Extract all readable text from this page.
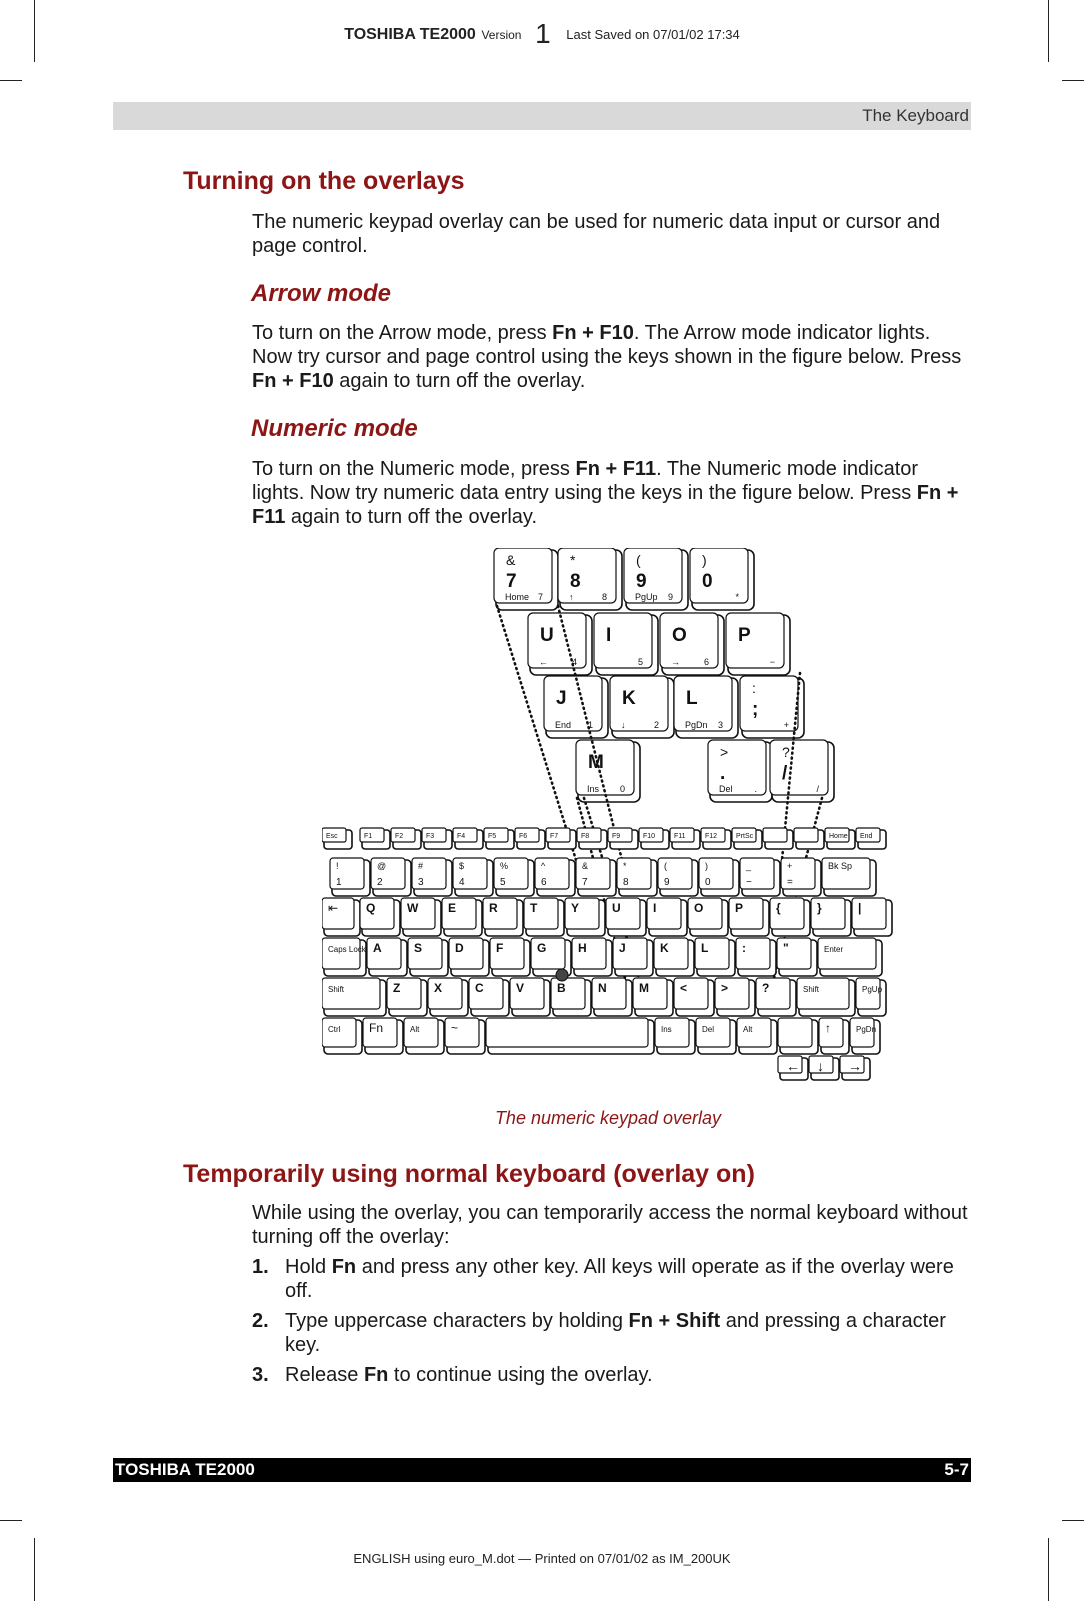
TOSHIBA TE2000 Version 1 Last Saved on 07/01/02 17:34
The Keyboard
Turning on the overlays

The numeric keypad overlay can be used for numeric data input or cursor and page control.

Arrow mode

To turn on the Arrow mode, press Fn + F10. The Arrow mode indicator lights. Now try cursor and page control using the keys shown in the figure below. Press Fn + F10 again to turn off the overlay.

Numeric mode

To turn on the Numeric mode, press Fn + F11. The Numeric mode indicator lights. Now try numeric data entry using the keys in the figure below. Press Fn + F11 again to turn off the overlay.

&
7
Home 7
*
8
↑	8
(
9
PgUp 9
)
0
*
U
←	4
I
5
O
→	6
P
−
J
End 1
K
↓	2
L
PgDn 3
:
;
+
M
Ins 0
>
.
Del .
?
/
/
Esc	F1	F2	F3	F4	F5	F6	F7	F8	F9	F10	F11	F12	PrtSc	Home End
!
1
@
2
#
3
$
4
%
5
^
6
&
7
*
8
(
9
)
0
_
−
+
=
Bk Sp
⇤ Q	W E	R	T	Y	U	I	O	P	{	}	|
Caps Lock A	S	D	F	G	H	J	K	L	:	"	Enter
Shift	Z	X	C	V	B	N	M	<	>	?	Shift	PgUp
Ctrl Fn	Alt	~	Ins	Del	Alt	↑	PgDn
← ↓ →
The numeric keypad overlay
Temporarily using normal keyboard (overlay on)

While using the overlay, you can temporarily access the normal keyboard without turning off the overlay:

1. Hold Fn and press any other key. All keys will operate as if the overlay were off.
2. Type uppercase characters by holding Fn + Shift and pressing a character key.
3. Release Fn to continue using the overlay.
TOSHIBA TE2000	5-7
ENGLISH using euro_M.dot — Printed on 07/01/02 as IM_200UK
